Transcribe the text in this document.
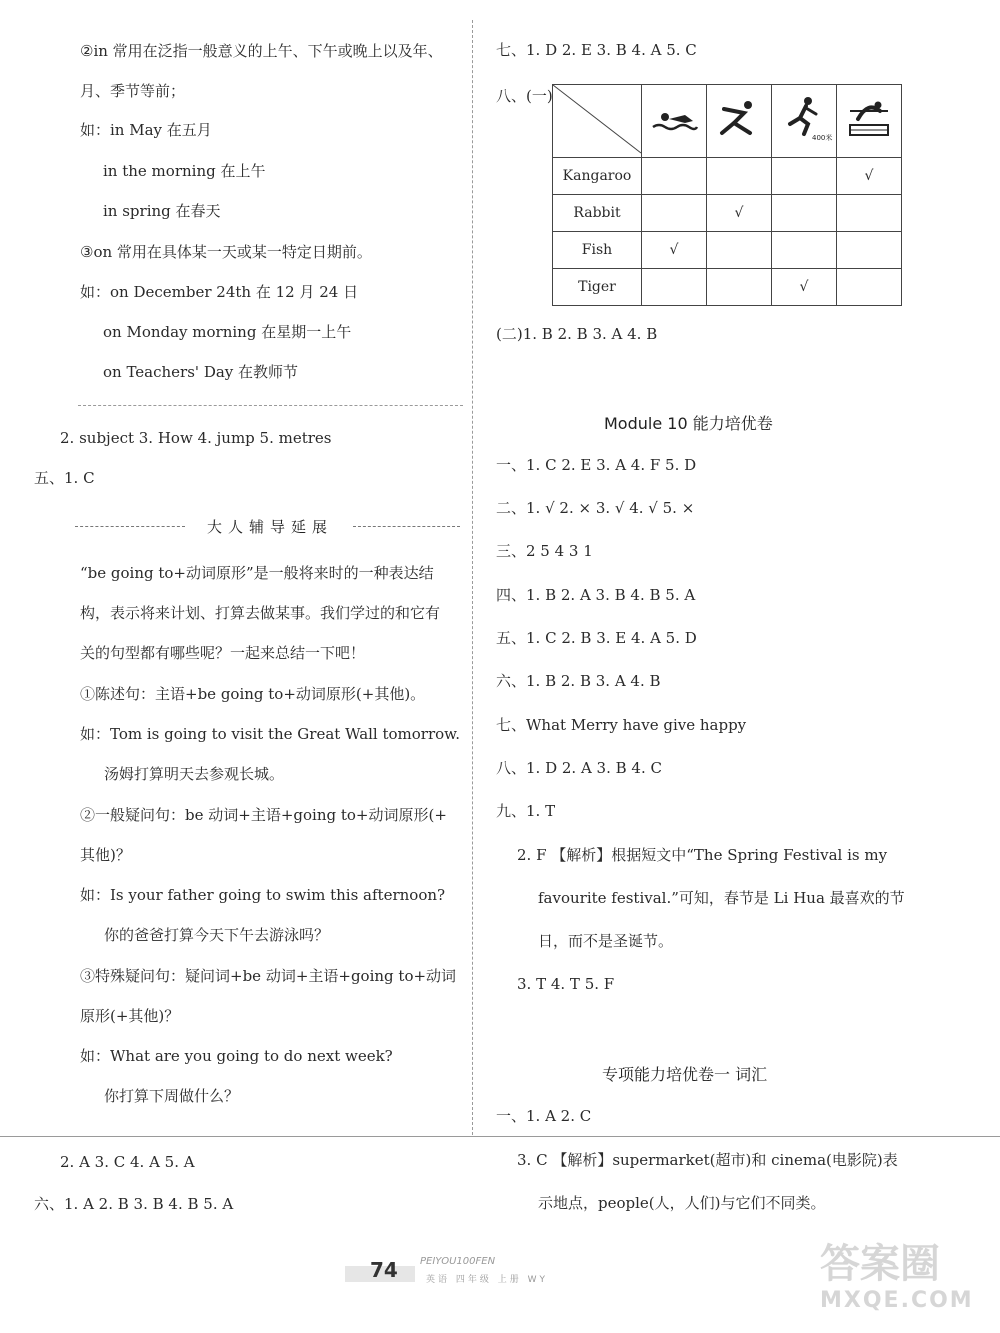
②in 常用在泛指一般意义的上午、下午或晚上以及年、
月、季节等前；
如：in May 在五月
in the morning 在上午
in spring 在春天
③on 常用在具体某一天或某一特定日期前。
如：on December 24th 在 12 月 24 日
on Monday morning 在星期一上午
on Teachers' Day 在教师节
2. subject 3. How 4. jump 5. metres
五、1. C
大人辅导延展
“be going to+动词原形”是一般将来时的一种表达结
构，表示将来计划、打算去做某事。我们学过的和它有
关的句型都有哪些呢？一起来总结一下吧！
①陈述句：主语+be going to+动词原形(+其他)。
如：Tom is going to visit the Great Wall tomorrow.
汤姆打算明天去参观长城。
②一般疑问句：be 动词+主语+going to+动词原形(+
其他)？
如：Is your father going to swim this afternoon?
你的爸爸打算今天下午去游泳吗？
③特殊疑问句：疑问词+be 动词+主语+going to+动词
原形(+其他)？
如：What are you going to do next week?
你打算下周做什么？
2. A 3. C 4. A 5. A
六、1. A 2. B 3. B 4. B 5. A
七、1. D 2. E 3. B 4. A 5. C
八、(一)

400米

Kangaroo				√
Rabbit		√		
Fish	√			
Tiger			√	
(二)1. B 2. B 3. A 4. B
Module 10 能力培优卷
一、1. C 2. E 3. A 4. F 5. D
二、1. √ 2. × 3. √ 4. √ 5. ×
三、2 5 4 3 1
四、1. B 2. A 3. B 4. B 5. A
五、1. C 2. B 3. E 4. A 5. D
六、1. B 2. B 3. A 4. B
七、What Merry have give happy
八、1. D 2. A 3. B 4. C
九、1. T
2. F 【解析】根据短文中“The Spring Festival is my
favourite festival.”可知，春节是 Li Hua 最喜欢的节
日，而不是圣诞节。
3. T 4. T 5. F
专项能力培优卷一 词汇
一、1. A 2. C
3. C 【解析】supermarket(超市)和 cinema(电影院)表
示地点，people(人，人们)与它们不同类。
74 PEIYOU100FEN
英语 四年级 上册 WY	答案圈
MXQE.COM
